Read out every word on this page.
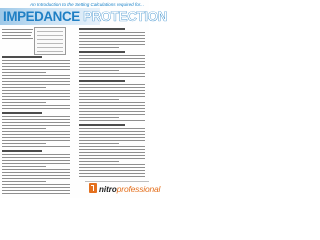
An Introduction to the Setting Calculations required for...
IMPEDANCE PROTECTION
nitroprofessional
